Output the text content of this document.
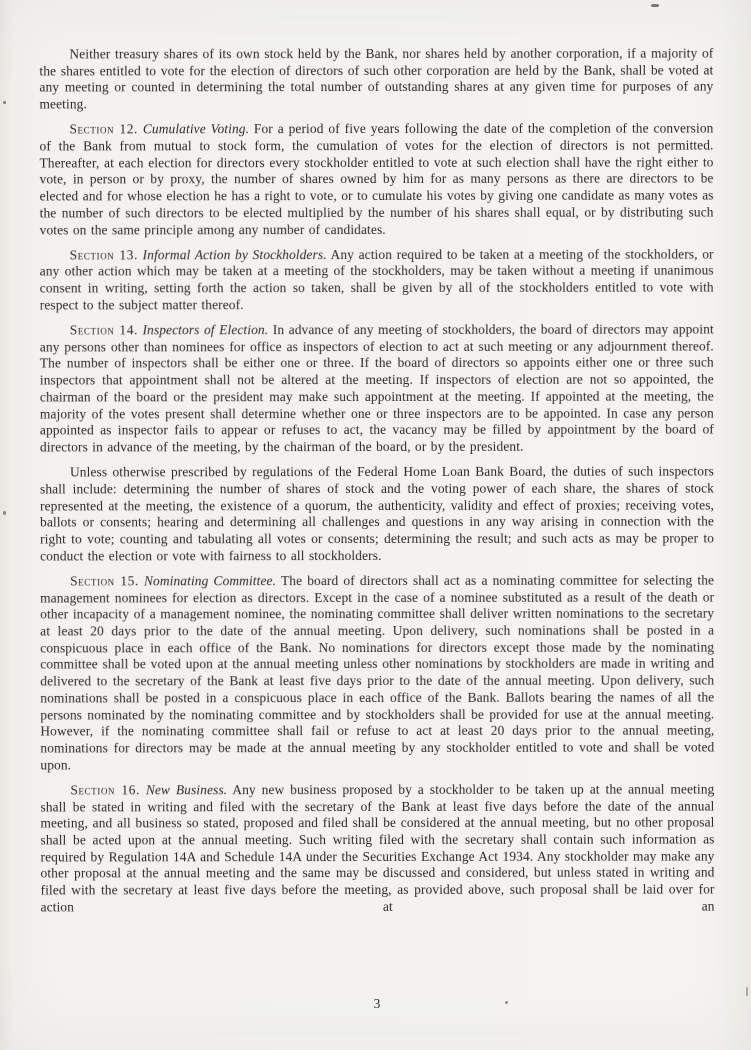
Neither treasury shares of its own stock held by the Bank, nor shares held by another corporation, if a majority of the shares entitled to vote for the election of directors of such other corporation are held by the Bank, shall be voted at any meeting or counted in determining the total number of outstanding shares at any given time for purposes of any meeting.

Section 12. Cumulative Voting. For a period of five years following the date of the completion of the conversion of the Bank from mutual to stock form, the cumulation of votes for the election of directors is not permitted. Thereafter, at each election for directors every stockholder entitled to vote at such election shall have the right either to vote, in person or by proxy, the number of shares owned by him for as many persons as there are directors to be elected and for whose election he has a right to vote, or to cumulate his votes by giving one candidate as many votes as the number of such directors to be elected multiplied by the number of his shares shall equal, or by distributing such votes on the same principle among any number of candidates.

Section 13. Informal Action by Stockholders. Any action required to be taken at a meeting of the stockholders, or any other action which may be taken at a meeting of the stockholders, may be taken without a meeting if unanimous consent in writing, setting forth the action so taken, shall be given by all of the stockholders entitled to vote with respect to the subject matter thereof.

Section 14. Inspectors of Election. In advance of any meeting of stockholders, the board of directors may appoint any persons other than nominees for office as inspectors of election to act at such meeting or any adjournment thereof. The number of inspectors shall be either one or three. If the board of directors so appoints either one or three such inspectors that appointment shall not be altered at the meeting. If inspectors of election are not so appointed, the chairman of the board or the president may make such appointment at the meeting. If appointed at the meeting, the majority of the votes present shall determine whether one or three inspectors are to be appointed. In case any person appointed as inspector fails to appear or refuses to act, the vacancy may be filled by appointment by the board of directors in advance of the meeting, by the chairman of the board, or by the president.

Unless otherwise prescribed by regulations of the Federal Home Loan Bank Board, the duties of such inspectors shall include: determining the number of shares of stock and the voting power of each share, the shares of stock represented at the meeting, the existence of a quorum, the authenticity, validity and effect of proxies; receiving votes, ballots or consents; hearing and determining all challenges and questions in any way arising in connection with the right to vote; counting and tabulating all votes or consents; determining the result; and such acts as may be proper to conduct the election or vote with fairness to all stockholders.

Section 15. Nominating Committee. The board of directors shall act as a nominating committee for selecting the management nominees for election as directors. Except in the case of a nominee substituted as a result of the death or other incapacity of a management nominee, the nominating committee shall deliver written nominations to the secretary at least 20 days prior to the date of the annual meeting. Upon delivery, such nominations shall be posted in a conspicuous place in each office of the Bank. No nominations for directors except those made by the nominating committee shall be voted upon at the annual meeting unless other nominations by stockholders are made in writing and delivered to the secretary of the Bank at least five days prior to the date of the annual meeting. Upon delivery, such nominations shall be posted in a conspicuous place in each office of the Bank. Ballots bearing the names of all the persons nominated by the nominating committee and by stockholders shall be provided for use at the annual meeting. However, if the nominating committee shall fail or refuse to act at least 20 days prior to the annual meeting, nominations for directors may be made at the annual meeting by any stockholder entitled to vote and shall be voted upon.

Section 16. New Business. Any new business proposed by a stockholder to be taken up at the annual meeting shall be stated in writing and filed with the secretary of the Bank at least five days before the date of the annual meeting, and all business so stated, proposed and filed shall be considered at the annual meeting, but no other proposal shall be acted upon at the annual meeting. Such writing filed with the secretary shall contain such information as required by Regulation 14A and Schedule 14A under the Securities Exchange Act 1934. Any stockholder may make any other proposal at the annual meeting and the same may be discussed and considered, but unless stated in writing and filed with the secretary at least five days before the meeting, as provided above, such proposal shall be laid over for action at an

3
